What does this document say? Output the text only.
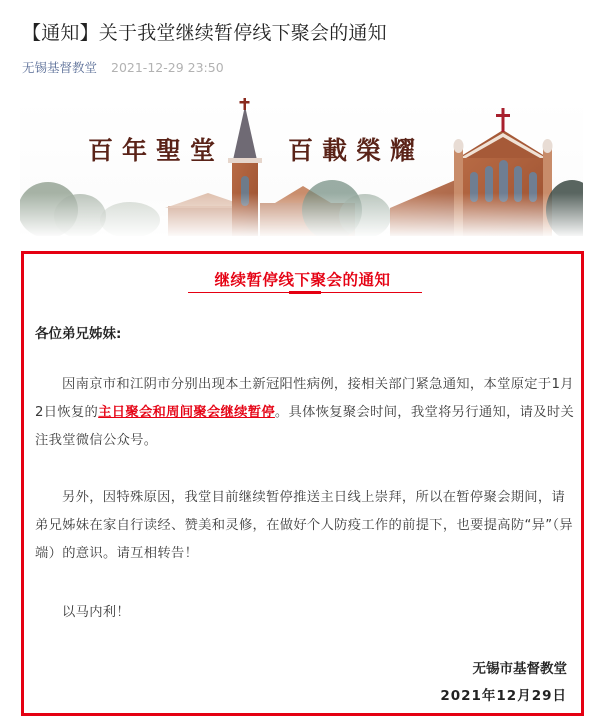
【通知】关于我堂继续暂停线下聚会的通知
无锡基督教堂 2021-12-29 23:50
百年聖堂	百載榮耀
继续暂停线下聚会的通知
各位弟兄姊妹:

因南京市和江阴市分别出现本土新冠阳性病例，接相关部门紧急通知，本堂原定于1月2日恢复的主日聚会和周间聚会继续暂停。具体恢复聚会时间，我堂将另行通知，请及时关注我堂微信公众号。

另外，因特殊原因，我堂目前继续暂停推送主日线上崇拜，所以在暂停聚会期间，请弟兄姊妹在家自行读经、赞美和灵修，在做好个人防疫工作的前提下，也要提高防“异”（异端）的意识。请互相转告！

以马内利！

无锡市基督教堂
2021年12月29日
